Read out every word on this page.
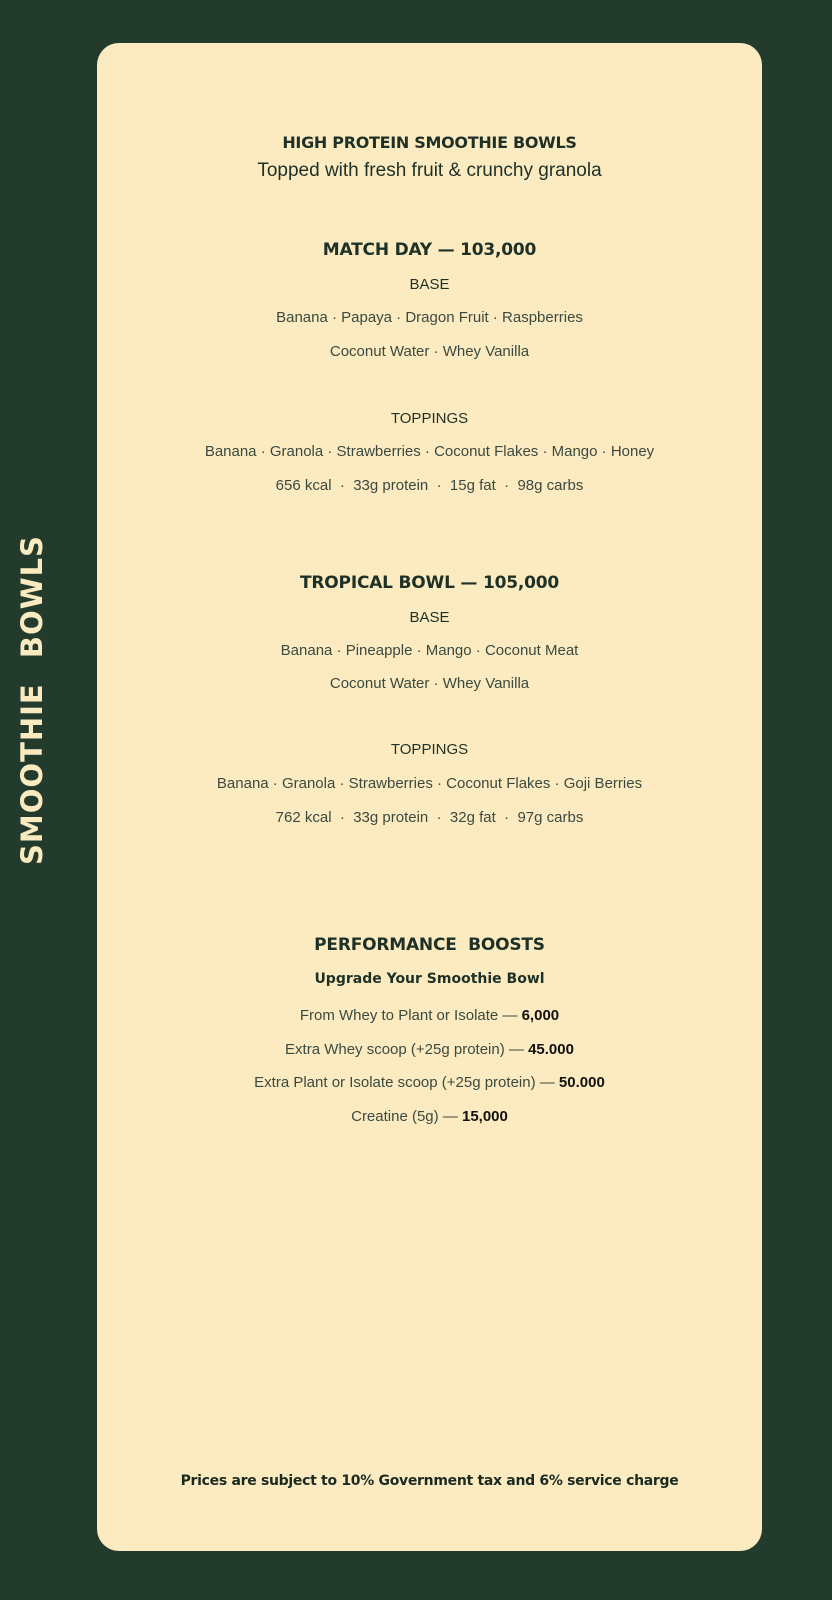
SMOOTHIE BOWLS
HIGH PROTEIN SMOOTHIE BOWLS
Topped with fresh fruit & crunchy granola
MATCH DAY — 103,000
BASE
Banana · Papaya · Dragon Fruit · Raspberries
Coconut Water · Whey Vanilla
TOPPINGS
Banana · Granola · Strawberries · Coconut Flakes · Mango · Honey
656 kcal  ·  33g protein  ·  15g fat  ·  98g carbs
TROPICAL BOWL — 105,000
BASE
Banana · Pineapple · Mango · Coconut Meat
Coconut Water · Whey Vanilla
TOPPINGS
Banana · Granola · Strawberries · Coconut Flakes · Goji Berries
762 kcal  ·  33g protein  ·  32g fat  ·  97g carbs
PERFORMANCE  BOOSTS
Upgrade Your Smoothie Bowl
From Whey to Plant or Isolate — 6,000
Extra Whey scoop (+25g protein) — 45.000
Extra Plant or Isolate scoop (+25g protein) — 50.000
Creatine (5g) — 15,000
Prices are subject to 10% Government tax and 6% service charge
